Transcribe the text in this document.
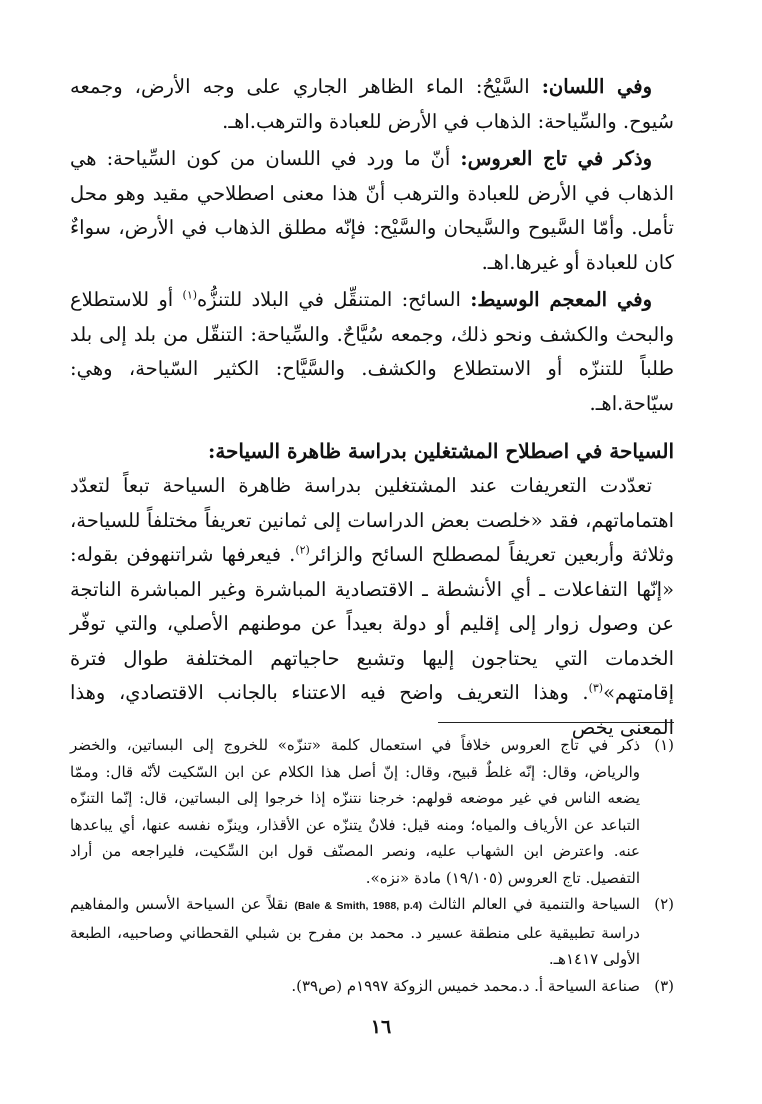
وفي اللسان: السَّيْحُ: الماء الظاهر الجاري على وجه الأرض، وجمعه سُيوح. والسِّياحة: الذهاب في الأرض للعبادة والترهب.اهـ.

وذكر في تاج العروس: أنّ ما ورد في اللسان من كون السِّياحة: هي الذهاب في الأرض للعبادة والترهب أنّ هذا معنى اصطلاحي مقيد وهو محل تأمل. وأمّا السَّيوح والسَّيحان والسَّيْح: فإنّه مطلق الذهاب في الأرض، سواءٌ كان للعبادة أو غيرها.اهـ.

وفي المعجم الوسيط: السائح: المتنقِّل في البلاد للتنزُّه$^{(١)}$ أو للاستطلاع والبحث والكشف ونحو ذلك، وجمعه سُيَّاحٌ. والسِّياحة: التنقّل من بلد إلى بلد طلباً للتنزّه أو الاستطلاع والكشف. والسَّيَّاح: الكثير السّياحة، وهي: سيّاحة.اهـ.

السياحة في اصطلاح المشتغلين بدراسة ظاهرة السياحة:

تعدّدت التعريفات عند المشتغلين بدراسة ظاهرة السياحة تبعاً لتعدّد اهتماماتهم، فقد «خلصت بعض الدراسات إلى ثمانين تعريفاً مختلفاً للسياحة، وثلاثة وأربعين تعريفاً لمصطلح السائح والزائر$^{(٢)}$. فيعرفها شراتنهوفن بقوله: «إنّها التفاعلات ـ أي الأنشطة ـ الاقتصادية المباشرة وغير المباشرة الناتجة عن وصول زوار إلى إقليم أو دولة بعيداً عن موطنهم الأصلي، والتي توفّر الخدمات التي يحتاجون إليها وتشبع حاجياتهم المختلفة طوال فترة إقامتهم»$^{(٣)}$. وهذا التعريف واضح فيه الاعتناء بالجانب الاقتصادي، وهذا المعنى يخص

(١)
ذكر في تاج العروس خلافاً في استعمال كلمة «تنزّه» للخروج إلى البساتين، والخضر والرياض، وقال: إنّه غلطٌ قبيح، وقال: إنّ أصل هذا الكلام عن ابن السّكيت لأنّه قال: وممّا يضعه الناس في غير موضعه قولهم: خرجنا نتنزّه إذا خرجوا إلى البساتين، قال: إنّما التنزّه التباعد عن الأرياف والمياه؛ ومنه قيل: فلانٌ يتنزّه عن الأقذار، وينزّه نفسه عنها، أي يباعدها عنه. واعترض ابن الشهاب عليه، ونصر المصنّف قول ابن السِّكيت، فليراجعه من أراد التفصيل. تاج العروس (١٩/١٠٥) مادة «نزه».
(٢)
السياحة والتنمية في العالم الثالث (Bale & Smith, 1988, p.4) نقلاً عن السياحة الأسس والمفاهيم دراسة تطبيقية على منطقة عسير د. محمد بن مفرح بن شبلي القحطاني وصاحبيه، الطبعة الأولى ١٤١٧هـ.
(٣)
صناعة السياحة أ. د.محمد خميس الزوكة ١٩٩٧م (ص٣٩).
١٦
